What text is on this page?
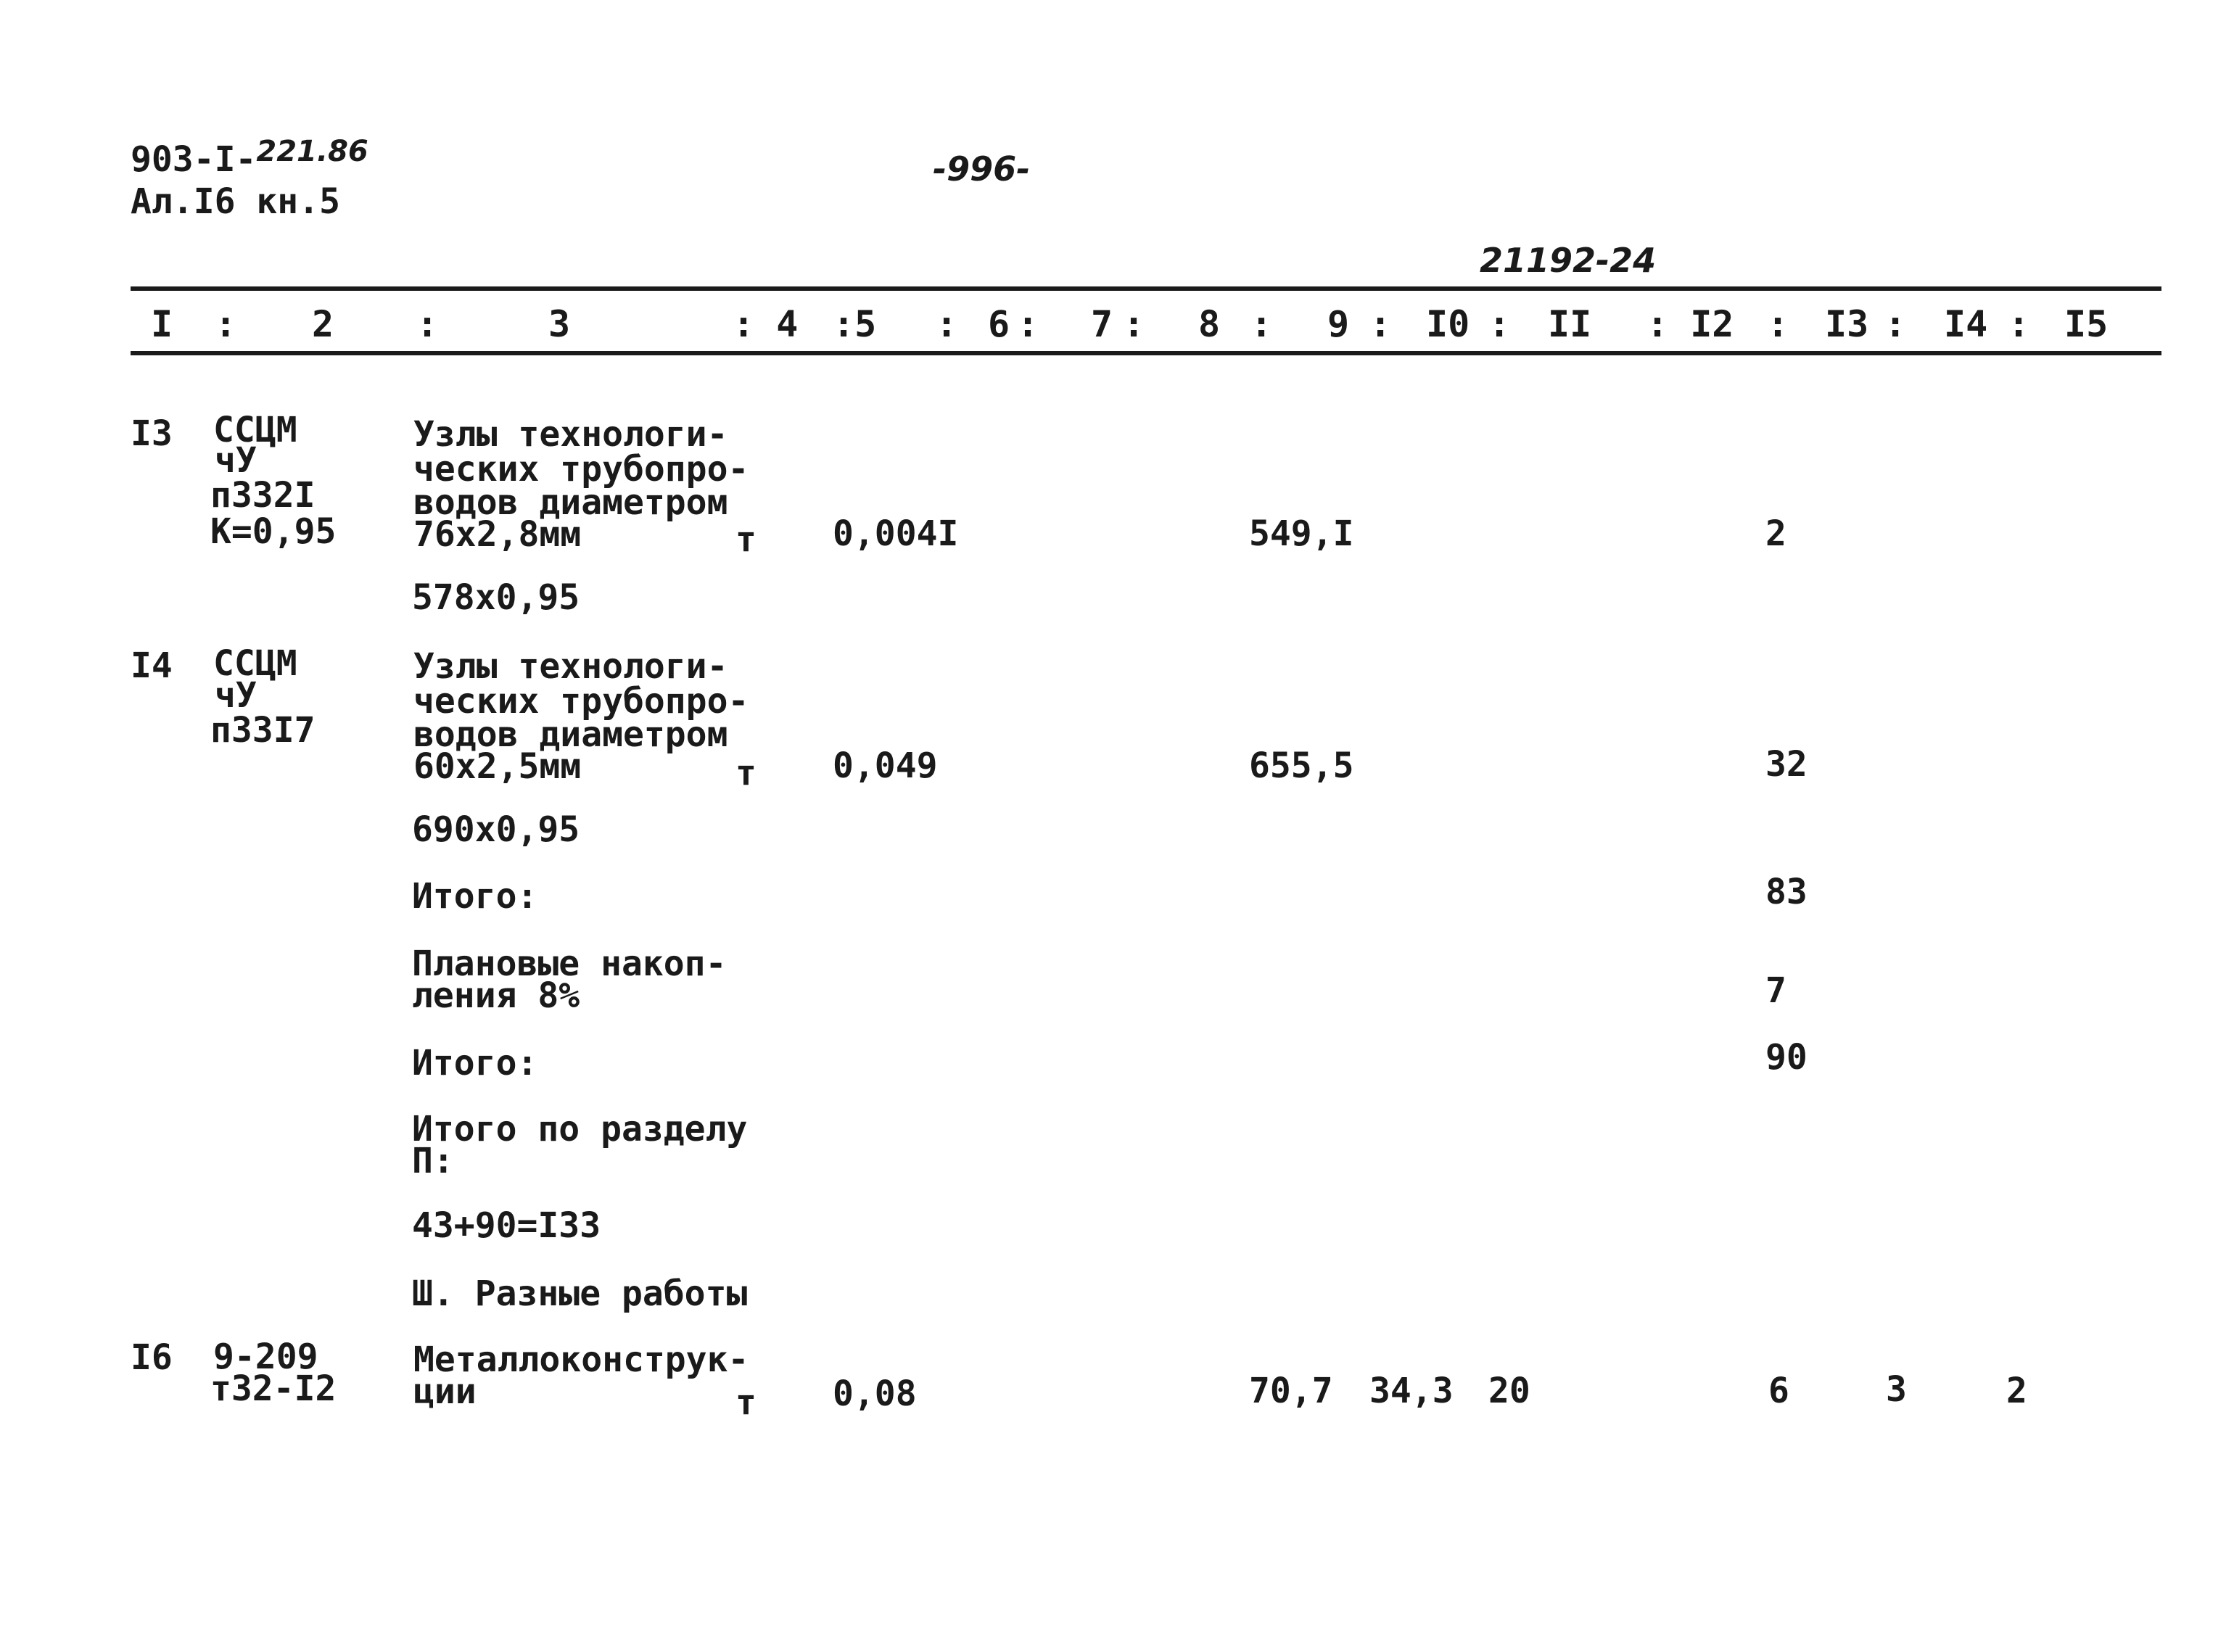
903-I-$^{221.86}$
Ал.I6 кн.5
-996-
21192-24
I : 2 :	3	: 4 :5 : 6 : 7 : 8 : 9 : I0 : II : I2 : I3 : I4 : I5
I3 ССЦМ
чУ
п332I
К=0,95
Узлы технологи-
ческих трубопро-
водов диаметром
76x2,8мм	т 0,004I	549,I	2
578x0,95
I4 ССЦМ
чУ
п33I7
Узлы технологи-
ческих трубопро-
водов диаметром
60x2,5мм	т 0,049	655,5	32
690x0,95
Итого:	83
Плановые накоп-
ления 8%	7
Итого:	90
Итого по разделу
П:
43+90=I33
Ш. Разные работы
I6 9-209
т32-I2
Металлоконструк-
ции	т 0,08	70,7 34,3 20	6	3	2
